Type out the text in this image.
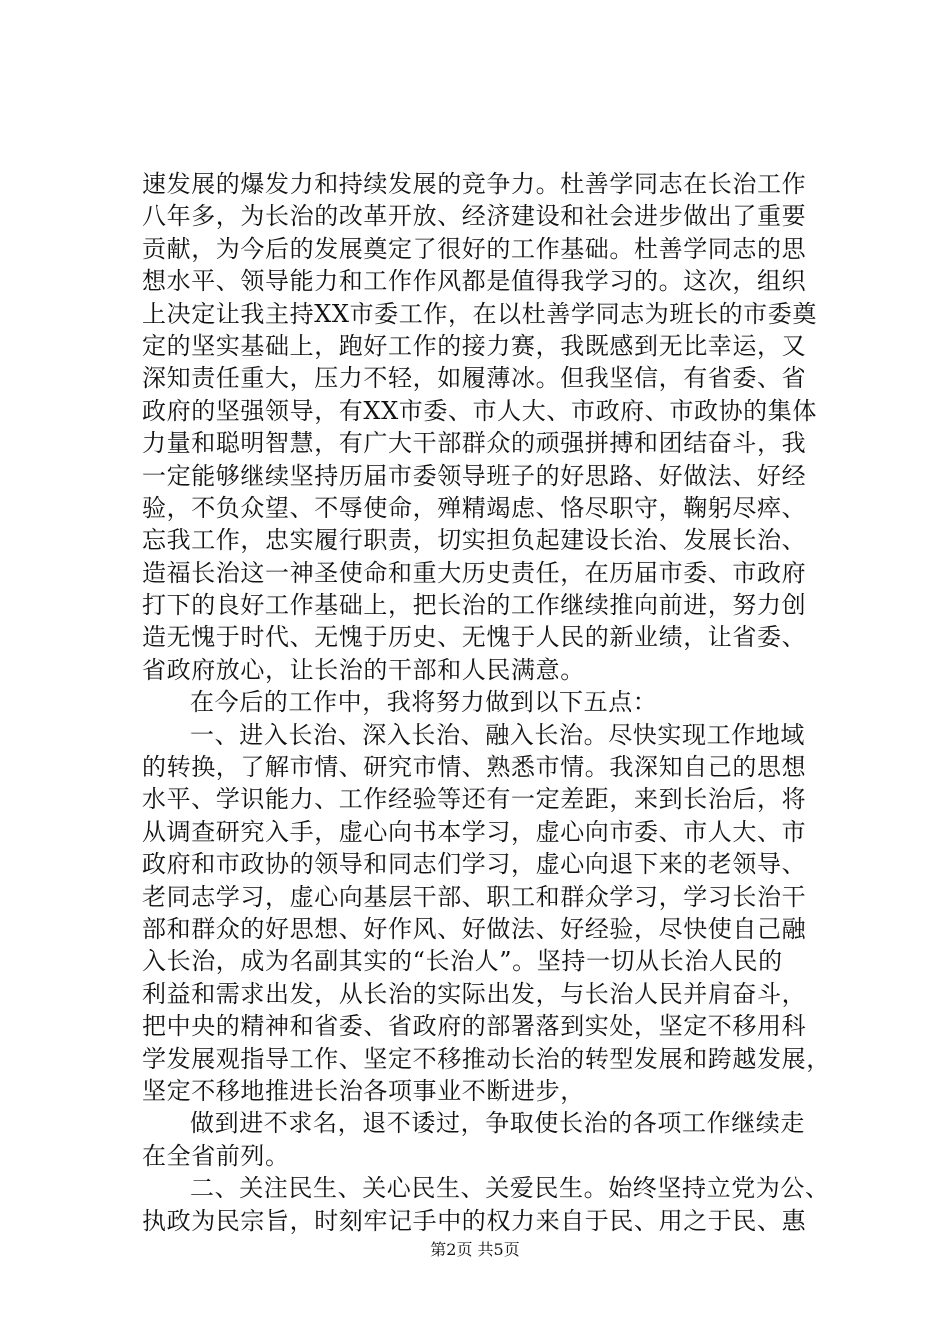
速发展的爆发力和持续发展的竞争力。杜善学同志在长治工作
八年多，为长治的改革开放、经济建设和社会进步做出了重要
贡献，为今后的发展奠定了很好的工作基础。杜善学同志的思
想水平、领导能力和工作作风都是值得我学习的。这次，组织
上决定让我主持XX市委工作，在以杜善学同志为班长的市委奠
定的坚实基础上，跑好工作的接力赛，我既感到无比幸运，又
深知责任重大，压力不轻，如履薄冰。但我坚信，有省委、省
政府的坚强领导，有XX市委、市人大、市政府、市政协的集体
力量和聪明智慧，有广大干部群众的顽强拼搏和团结奋斗，我
一定能够继续坚持历届市委领导班子的好思路、好做法、好经
验，不负众望、不辱使命，殚精竭虑、恪尽职守，鞠躬尽瘁、
忘我工作，忠实履行职责，切实担负起建设长治、发展长治、
造福长治这一神圣使命和重大历史责任，在历届市委、市政府
打下的良好工作基础上，把长治的工作继续推向前进，努力创
造无愧于时代、无愧于历史、无愧于人民的新业绩，让省委、
省政府放心，让长治的干部和人民满意。
在今后的工作中，我将努力做到以下五点：
一、进入长治、深入长治、融入长治。尽快实现工作地域
的转换，了解市情、研究市情、熟悉市情。我深知自己的思想
水平、学识能力、工作经验等还有一定差距，来到长治后，将
从调查研究入手，虚心向书本学习，虚心向市委、市人大、市
政府和市政协的领导和同志们学习，虚心向退下来的老领导、
老同志学习，虚心向基层干部、职工和群众学习，学习长治干
部和群众的好思想、好作风、好做法、好经验，尽快使自己融
入长治，成为名副其实的“长治人”。坚持一切从长治人民的
利益和需求出发，从长治的实际出发，与长治人民并肩奋斗，
把中央的精神和省委、省政府的部署落到实处，坚定不移用科
学发展观指导工作、坚定不移推动长治的转型发展和跨越发展，
坚定不移地推进长治各项事业不断进步，
做到进不求名，退不诿过，争取使长治的各项工作继续走
在全省前列。
二、关注民生、关心民生、关爱民生。始终坚持立党为公、
执政为民宗旨，时刻牢记手中的权力来自于民、用之于民、惠
第2页 共5页
